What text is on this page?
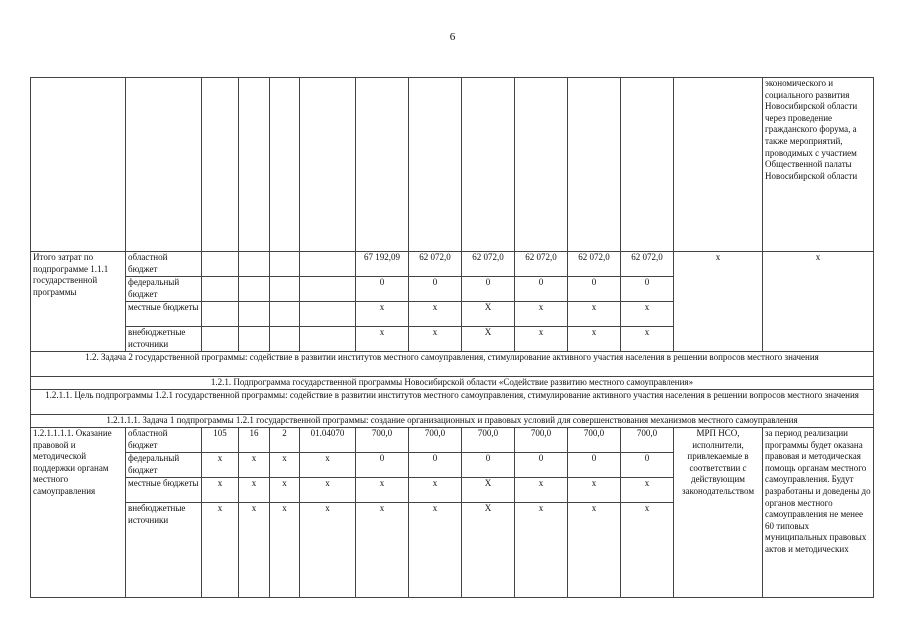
6
													экономического и социального развития Новосибирской области через проведение гражданского форума, а также мероприятий, проводимых с участием Общественной палаты Новосибирской области
Итого затрат по подпрограмме 1.1.1 государственной программы	областной бюджет					67 192,09	62 072,0	62 072,0	62 072,0	62 072,0	62 072,0	x	x
	федеральный бюджет					0	0	0	0	0	0		
	местные бюджеты					x	x	X	x	x	x		
	внебюджетные источники					x	x	X	x	x	x		
1.2. Задача 2 государственной программы: содействие в развитии институтов местного самоуправления, стимулирование активного участия населения в решении вопросов местного значения													
1.2.1. Подпрограмма государственной программы Новосибирской области «Содействие развитию местного самоуправления»													
1.2.1.1. Цель подпрограммы 1.2.1 государственной программы: содействие в развитии институтов местного самоуправления, стимулирование активного участия населения в решении вопросов местного значения													
1.2.1.1.1. Задача 1 подпрограммы 1.2.1 государственной программы: создание организационных и правовых условий для совершенствования механизмов местного самоуправления													
1.2.1.1.1.1. Оказание правовой и методической поддержки органам местного самоуправления	областной бюджет	105	16	2	01.04070	700,0	700,0	700,0	700,0	700,0	700,0	МРП НСО, исполнители, привлекаемые в соответствии с действующим законодательством	за период реализации программы будет оказана правовая и методическая помощь органам местного самоуправления. Будут разработаны и доведены до органов местного самоуправления не менее 60 типовых муниципальных правовых актов и методических
	федеральный бюджет	x	x	x	x	0	0	0	0	0	0		
	местные бюджеты	x	x	x	x	x	x	X	x	x	x		
	внебюджетные источники	x	x	x	x	x	x	X	x	x	x		
